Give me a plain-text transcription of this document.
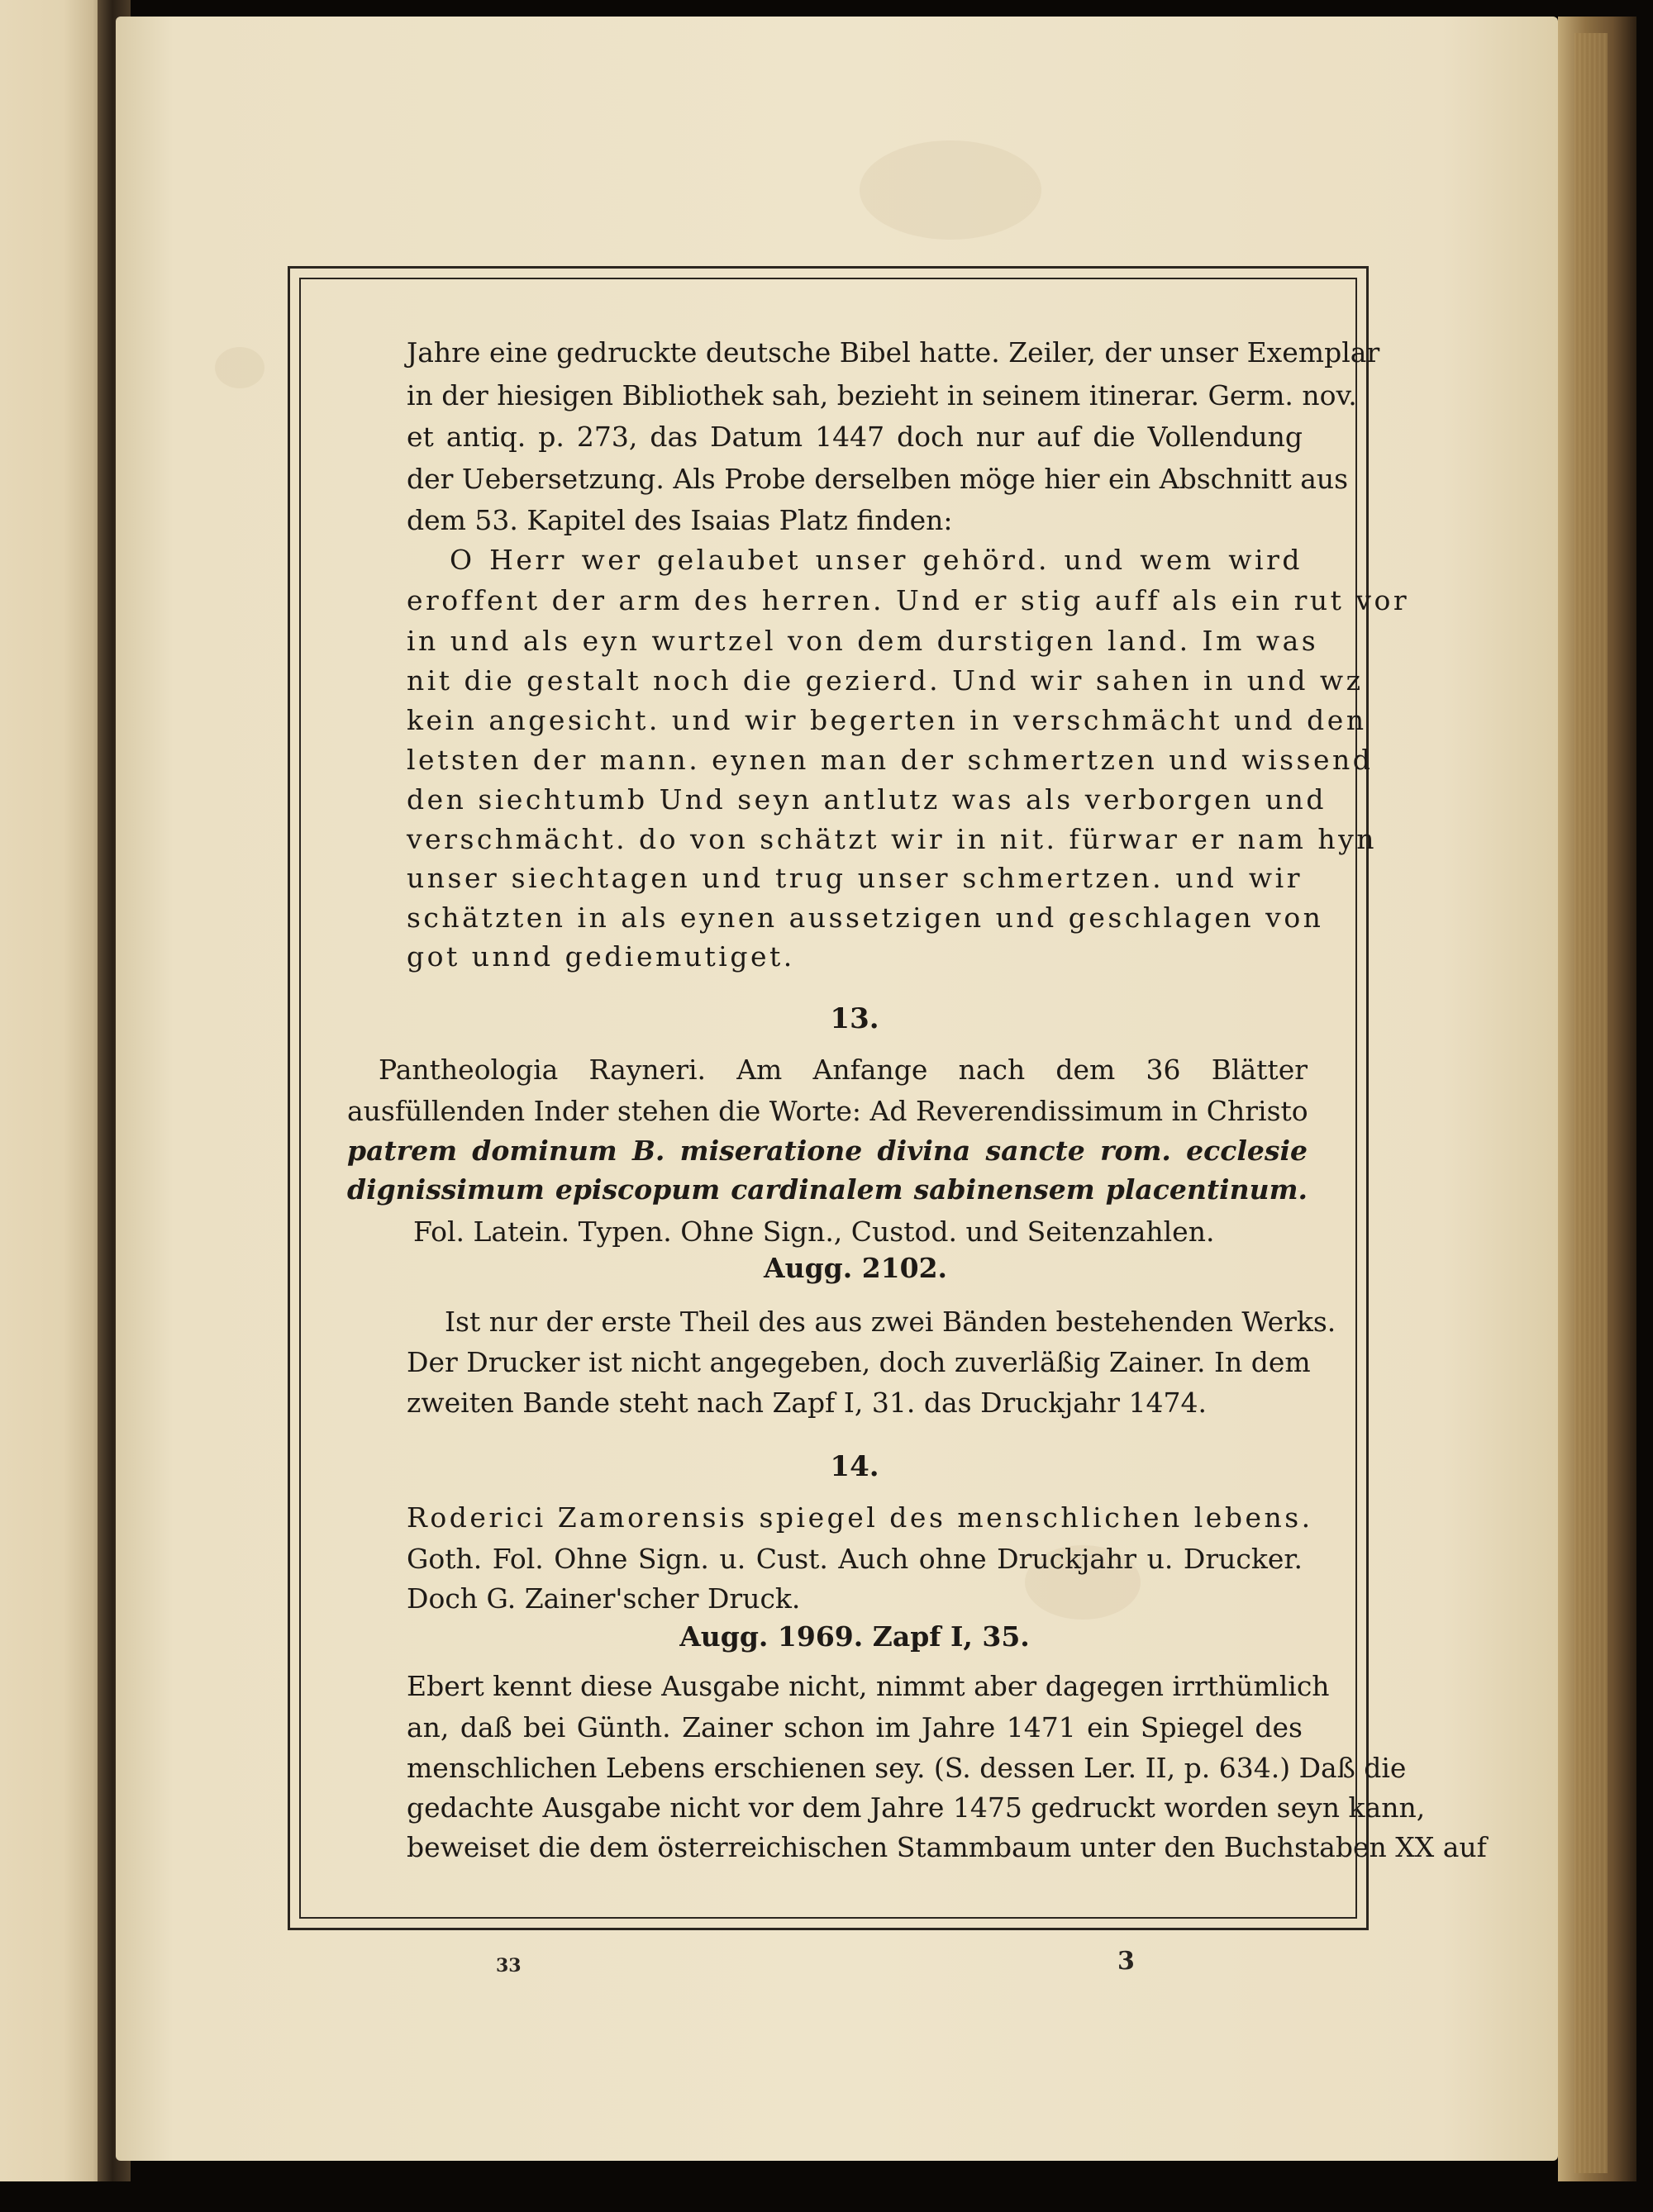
Jahre eine gedruckte deutsche Bibel hatte. Zeiler, der unser Exemplar
in der hiesigen Bibliothek sah, bezieht in seinem itinerar. Germ. nov.
et antiq. p. 273, das Datum 1447 doch nur auf die Vollendung
der Uebersetzung. Als Probe derselben möge hier ein Abschnitt aus
dem 53. Kapitel des Isaias Platz finden:
O Herr wer gelaubet unser gehörd. und wem wird
eroffent der arm des herren. Und er stig auff als ein rut vor
in und als eyn wurtzel von dem durstigen land. Im was
nit die gestalt noch die gezierd. Und wir sahen in und wz
kein angesicht. und wir begerten in verschmächt und den
letsten der mann. eynen man der schmertzen und wissend
den siechtumb Und seyn antlutz was als verborgen und
verschmächt. do von schätzt wir in nit. fürwar er nam hyn
unser siechtagen und trug unser schmertzen. und wir
schätzten in als eynen aussetzigen und geschlagen von
got unnd gediemutiget.
13.
Pantheologia Rayneri. Am Anfange nach dem 36 Blätter
ausfüllenden Inder stehen die Worte: Ad Reverendissimum in Christo
patrem dominum B. miseratione divina sancte rom. ecclesie
dignissimum episcopum cardinalem sabinensem placentinum.
Fol. Latein. Typen. Ohne Sign., Custod. und Seitenzahlen.
Augg. 2102.
Ist nur der erste Theil des aus zwei Bänden bestehenden Werks.
Der Drucker ist nicht angegeben, doch zuverläßig Zainer. In dem
zweiten Bande steht nach Zapf I, 31. das Druckjahr 1474.
14.
Roderici Zamorensis spiegel des menschlichen lebens.
Goth. Fol. Ohne Sign. u. Cust. Auch ohne Druckjahr u. Drucker.
Doch G. Zainer'scher Druck.
Augg. 1969. Zapf I, 35.
Ebert kennt diese Ausgabe nicht, nimmt aber dagegen irrthümlich
an, daß bei Günth. Zainer schon im Jahre 1471 ein Spiegel des
menschlichen Lebens erschienen sey. (S. dessen Ler. II, p. 634.) Daß die
gedachte Ausgabe nicht vor dem Jahre 1475 gedruckt worden seyn kann,
beweiset die dem österreichischen Stammbaum unter den Buchstaben XX auf
33	3
